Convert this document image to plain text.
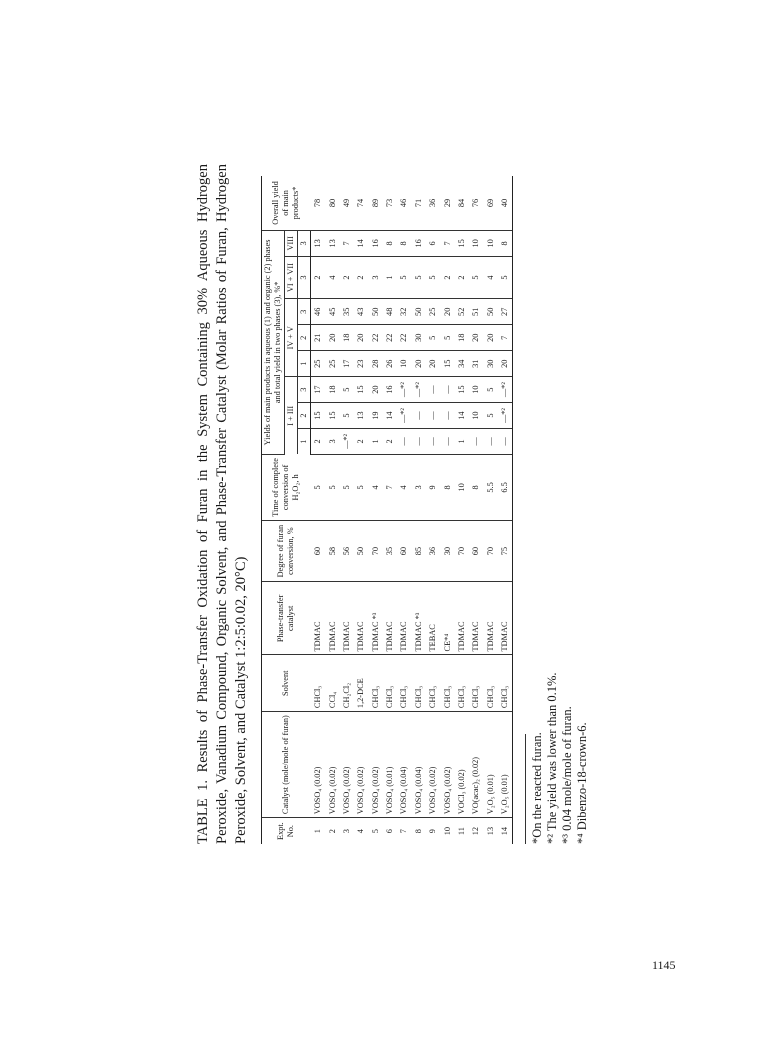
TABLE 1. Results of Phase-Transfer Oxidation of Furan in the System Containing 30% Aqueous Hydrogen Peroxide, Vanadium Compound, Organic Solvent, and Phase-Transfer Catalyst (Molar Ratios of Furan, Hydrogen Peroxide, Solvent, and Catalyst 1:2:5:0.02, 20°C)	Expt. No.	Catalyst (mole/mole of furan)	Solvent	Phase-transfer catalyst	Degree of furan conversion, %	Time of complete conversion of H₂O₂, h	Yields of main products in aqueous (1) and organic (2) phases and total yield in two phases (3), %*								Overall yield of main products*
						I + III			IV + V			VI + VII	VIII	
						1	2	3	1	2	3	3	3	
1	VOSO₄ (0.02)	CHCl₃	TDMAC	60	5	2	15	17	25	21	46	2	13	78
2	VOSO₄ (0.02)	CCl₄	TDMAC	58	5	3	15	18	25	20	45	4	13	80
3	VOSO₄ (0.02)	CH₂Cl₂	TDMAC	56	5	—*²	5	5	17	18	35	2	7	49
4	VOSO₄ (0.02)	1,2-DCE	TDMAC	50	5	2	13	15	23	20	43	2	14	74
5	VOSO₄ (0.02)	CHCl₃	TDMAC *³	70	4	1	19	20	28	22	50	3	16	89
6	VOSO₄ (0.01)	CHCl₃	TDMAC	35	7	2	14	16	26	22	48	1	8	73
7	VOSO₄ (0.04)	CHCl₃	TDMAC	60	4	—	—*²	—*²	10	22	32	5	8	46
8	VOSO₄ (0.04)	CHCl₃	TDMAC *³	85	3	—	—	—*²	20	30	50	5	16	71
9	VOSO₄ (0.02)	CHCl₃	TEBAC	36	9	—	—	—	20	5	25	5	6	36
10	VOSO₄ (0.02)	CHCl₃	CE*⁴	30	8	—	—	—	15	5	20	2	7	29
11	VOCl₃ (0.02)	CHCl₃	TDMAC	70	10	1	14	15	34	18	52	2	15	84
12	VO(acac)₂ (0.02)	CHCl₃	TDMAC	60	8	—	10	10	31	20	51	5	10	76
13	V₂O₅ (0.01)	CHCl₃	TDMAC	70	5.5	—	5	5	30	20	50	4	10	69
14	V₂O₅ (0.01)	CHCl₃	TDMAC	75	6.5	—	—*²	—*²	20	7	27	5	8	40
*On the reacted furan. *² The yield was lower than 0.1%. *³ 0.04 mole/mole of furan. *⁴ Dibenzo-18-crown-6.
1145
